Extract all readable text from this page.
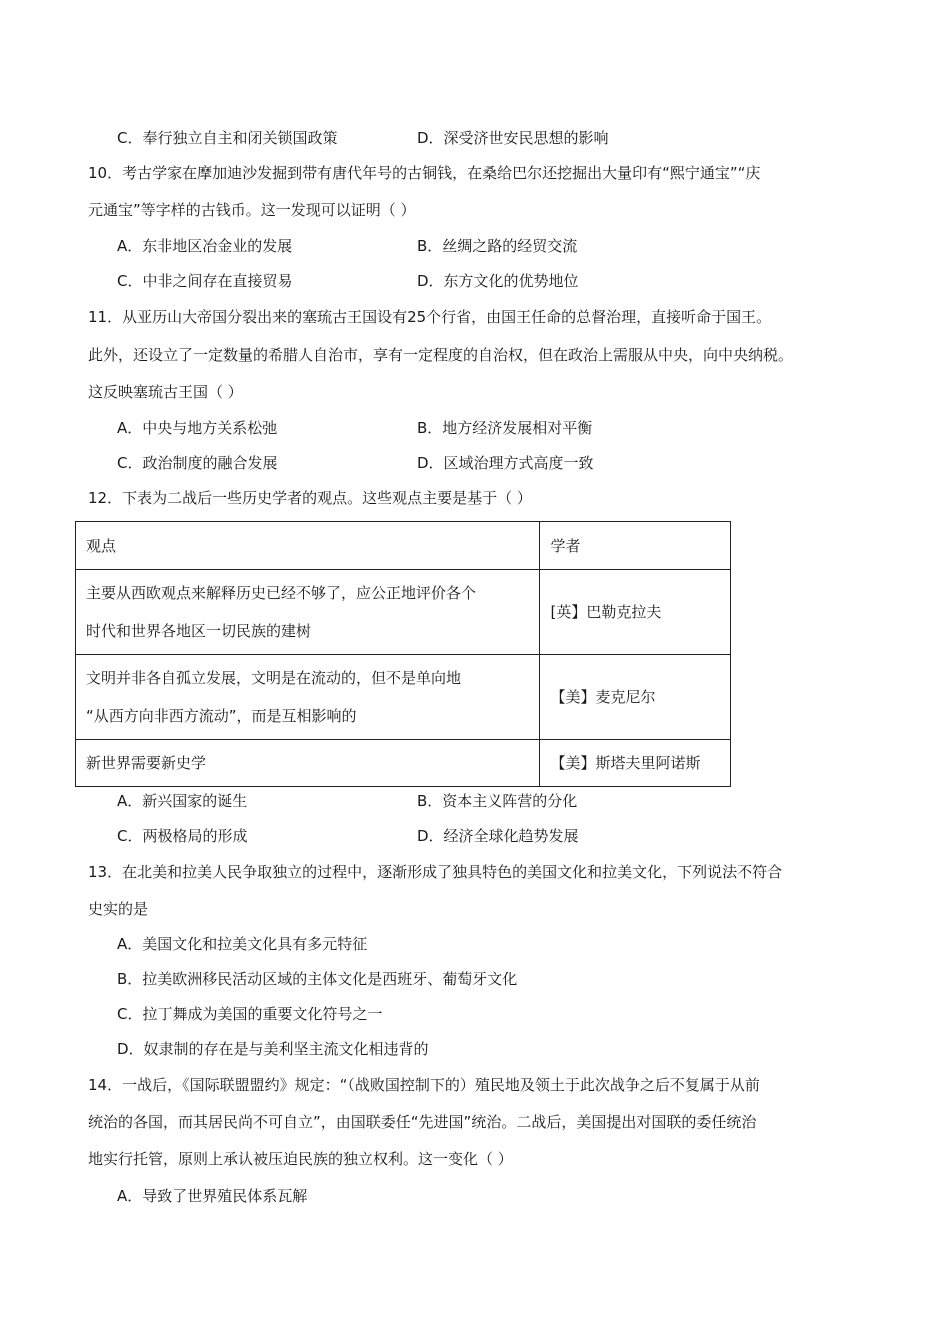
C．奉行独立自主和闭关锁国政策	D．深受济世安民思想的影响
10．考古学家在摩加迪沙发掘到带有唐代年号的古铜钱，在桑给巴尔还挖掘出大量印有“熙宁通宝”“庆
元通宝”等字样的古钱币。这一发现可以证明（ ）
A．东非地区冶金业的发展	B．丝绸之路的经贸交流
C．中非之间存在直接贸易	D．东方文化的优势地位
11．从亚历山大帝国分裂出来的塞琉古王国设有25个行省，由国王任命的总督治理，直接听命于国王。
此外，还设立了一定数量的希腊人自治市，享有一定程度的自治权，但在政治上需服从中央，向中央纳税。
这反映塞琉古王国（ ）
A．中央与地方关系松弛	B．地方经济发展相对平衡
C．政治制度的融合发展	D．区域治理方式高度一致
12．下表为二战后一些历史学者的观点。这些观点主要是基于（ ）
观点	学者

主要从西欧观点来解释历史已经不够了，应公正地评价各个
时代和世界各地区一切民族的建树	[英】巴勒克拉夫

文明并非各自孤立发展，文明是在流动的，但不是单向地
“从西方向非西方流动”，而是互相影响的	【美】麦克尼尔

新世界需要新史学	【美】斯塔夫里阿诺斯
A．新兴国家的诞生	B．资本主义阵营的分化
C．两极格局的形成	D．经济全球化趋势发展
13．在北美和拉美人民争取独立的过程中，逐渐形成了独具特色的美国文化和拉美文化，下列说法不符合
史实的是
A．美国文化和拉美文化具有多元特征
B．拉美欧洲移民活动区域的主体文化是西班牙、葡萄牙文化
C．拉丁舞成为美国的重要文化符号之一
D．奴隶制的存在是与美利坚主流文化相违背的
14．一战后，《国际联盟盟约》规定：“（战败国控制下的）殖民地及领土于此次战争之后不复属于从前
统治的各国，而其居民尚不可自立”，由国联委任“先进国”统治。二战后，美国提出对国联的委任统治
地实行托管，原则上承认被压迫民族的独立权利。这一变化（ ）
A．导致了世界殖民体系瓦解
